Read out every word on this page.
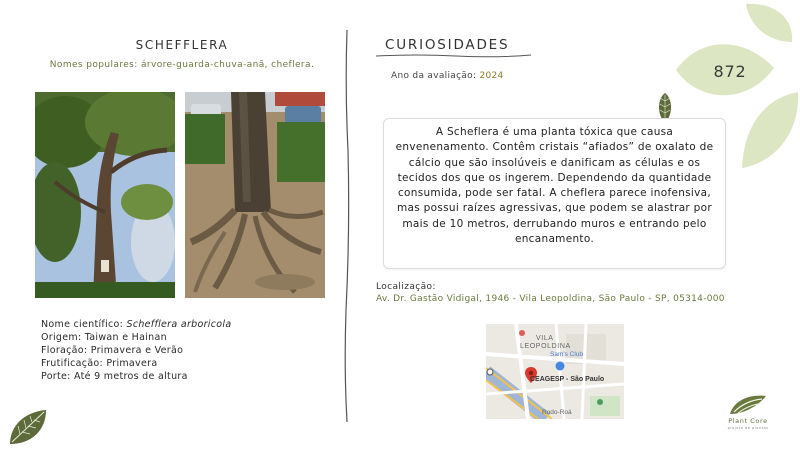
872
SCHEFFLERA
Nomes populares: árvore-guarda-chuva-anã, cheflera.
Nome científico: Schefflera arboricola
Origem: Taiwan e Hainan
Floração: Primavera e Verão
Frutificação: Primavera
Porte: Até 9 metros de altura
CURIOSIDADES
Ano da avaliação: 2024

A Scheflera é uma planta tóxica que causa envenenamento. Contêm cristais “afiados” de oxalato de cálcio que são insolúveis e danificam as células e os tecidos dos que os ingerem. Dependendo da quantidade consumida, pode ser fatal. A cheflera parece inofensiva, mas possui raízes agressivas, que podem se alastrar por mais de 10 metros, derrubando muros e entrando pelo encanamento.

Localização:
Av. Dr. Gastão Vidigal, 1946 - Vila Leopoldina, São Paulo - SP, 05314-000
VILA
LEOPOLDINA
Sam's Club
CEAGESP - São Paulo
Rodo-Roá
Plant Core
projeto de plantas
